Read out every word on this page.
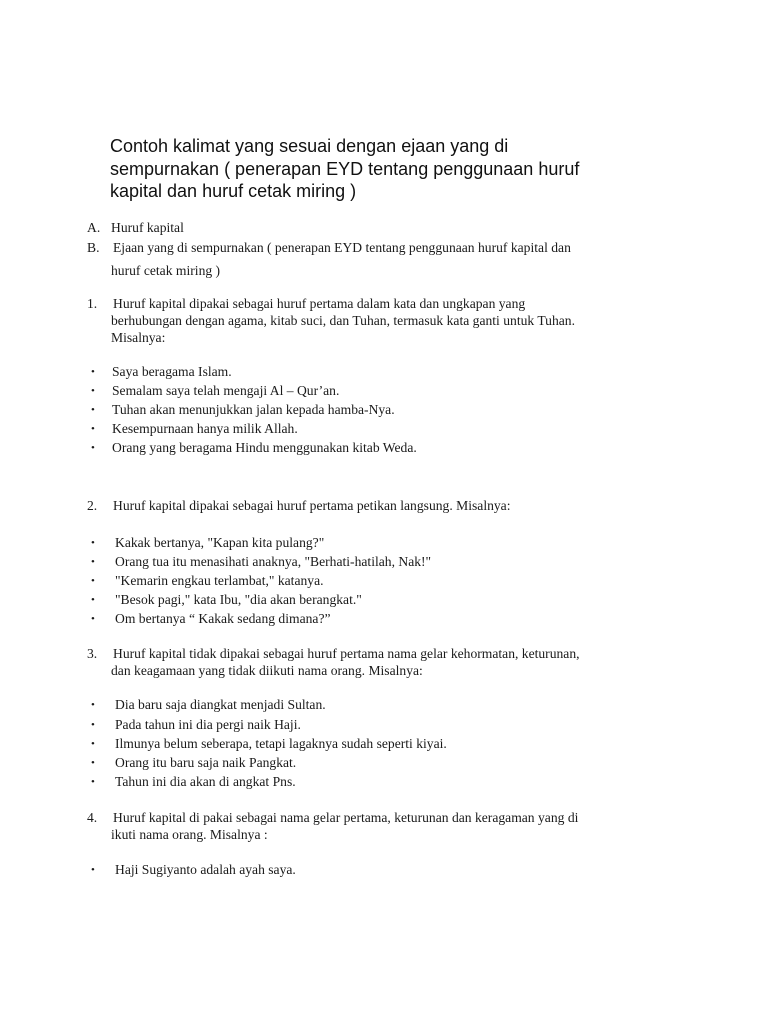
Contoh kalimat yang sesuai dengan ejaan yang di
sempurnakan ( penerapan EYD tentang penggunaan huruf
kapital dan huruf cetak miring )
A. Huruf kapital
B. Ejaan yang di sempurnakan ( penerapan EYD tentang penggunaan huruf kapital dan
huruf cetak miring )
1. Huruf kapital dipakai sebagai huruf pertama dalam kata dan ungkapan yang
berhubungan dengan agama, kitab suci, dan Tuhan, termasuk kata ganti untuk Tuhan.
Misalnya:
• Saya beragama Islam.
• Semalam saya telah mengaji Al – Qur’an.
• Tuhan akan menunjukkan jalan kepada hamba-Nya.
• Kesempurnaan hanya milik Allah.
• Orang yang beragama Hindu menggunakan kitab Weda.
2. Huruf kapital dipakai sebagai huruf pertama petikan langsung. Misalnya:
• Kakak bertanya, "Kapan kita pulang?"
• Orang tua itu menasihati anaknya, "Berhati-hatilah, Nak!"
• "Kemarin engkau terlambat," katanya.
• "Besok pagi," kata Ibu, "dia akan berangkat."
• Om bertanya “ Kakak sedang dimana?”
3. Huruf kapital tidak dipakai sebagai huruf pertama nama gelar kehormatan, keturunan,
dan keagamaan yang tidak diikuti nama orang. Misalnya:
• Dia baru saja diangkat menjadi Sultan.
• Pada tahun ini dia pergi naik Haji.
• Ilmunya belum seberapa, tetapi lagaknya sudah seperti kiyai.
• Orang itu baru saja naik Pangkat.
• Tahun ini dia akan di angkat Pns.
4. Huruf kapital di pakai sebagai nama gelar pertama, keturunan dan keragaman yang di
ikuti nama orang. Misalnya :
• Haji Sugiyanto adalah ayah saya.
